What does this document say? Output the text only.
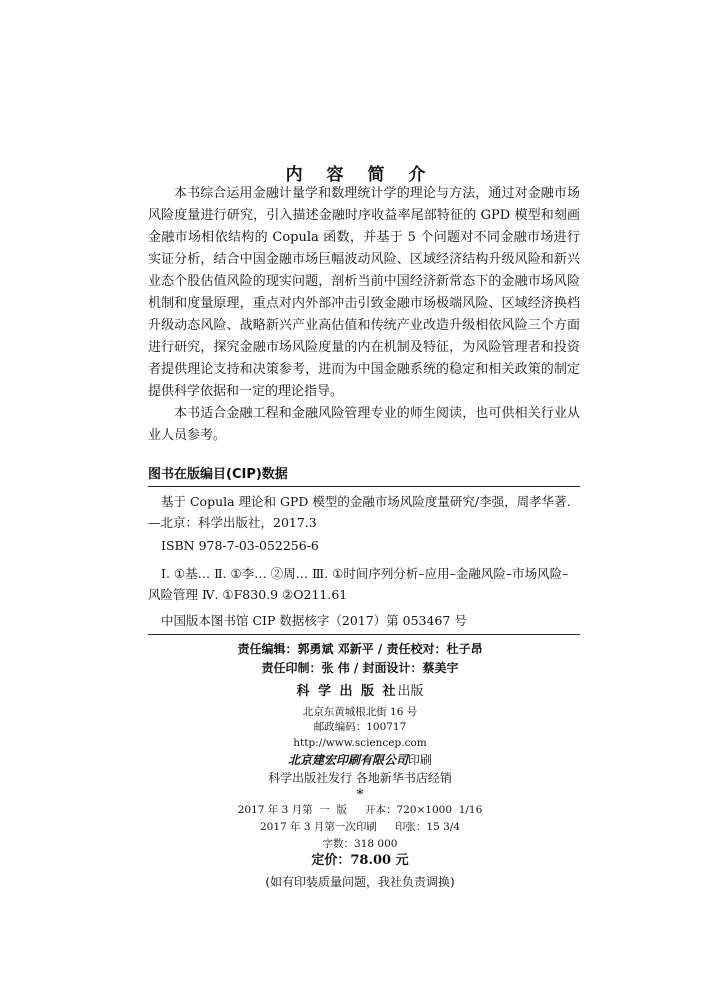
内 容 简 介

本书综合运用金融计量学和数理统计学的理论与方法，通过对金融市场风险度量进行研究，引入描述金融时序收益率尾部特征的 GPD 模型和刻画金融市场相依结构的 Copula 函数，并基于 5 个问题对不同金融市场进行实证分析，结合中国金融市场巨幅波动风险、区域经济结构升级风险和新兴业态个股估值风险的现实问题，剖析当前中国经济新常态下的金融市场风险机制和度量原理，重点对内外部冲击引致金融市场极端风险、区域经济换档升级动态风险、战略新兴产业高估值和传统产业改造升级相依风险三个方面进行研究，探究金融市场风险度量的内在机制及特征，为风险管理者和投资者提供理论支持和决策参考，进而为中国金融系统的稳定和相关政策的制定提供科学依据和一定的理论指导。

本书适合金融工程和金融风险管理专业的师生阅读，也可供相关行业从业人员参考。

图书在版编目(CIP)数据

基于 Copula 理论和 GPD 模型的金融市场风险度量研究/李强，周孝华著.—北京：科学出版社，2017.3

ISBN 978-7-03-052256-6

Ⅰ. ①基… Ⅱ. ①李… ②周… Ⅲ. ①时间序列分析–应用–金融风险–市场风险–风险管理 Ⅳ. ①F830.9 ②O211.61

中国版本图书馆 CIP 数据核字（2017）第 053467 号

责任编辑：郭勇斌 邓新平 / 责任校对：杜子昂

责任印制：张 伟 / 封面设计：蔡美宇

科 学 出 版 社出版

北京东黄城根北街 16 号

邮政编码：100717

http://www.sciencep.com

北京建宏印刷有限公司印刷

科学出版社发行 各地新华书店经销

*

2017 年 3 月第  一  版 开本：720×1000  1/16
2017 年 3 月第一次印刷 印张：15 3/4

字数：318 000

定价：78.00 元

(如有印装质量问题，我社负责调换)
